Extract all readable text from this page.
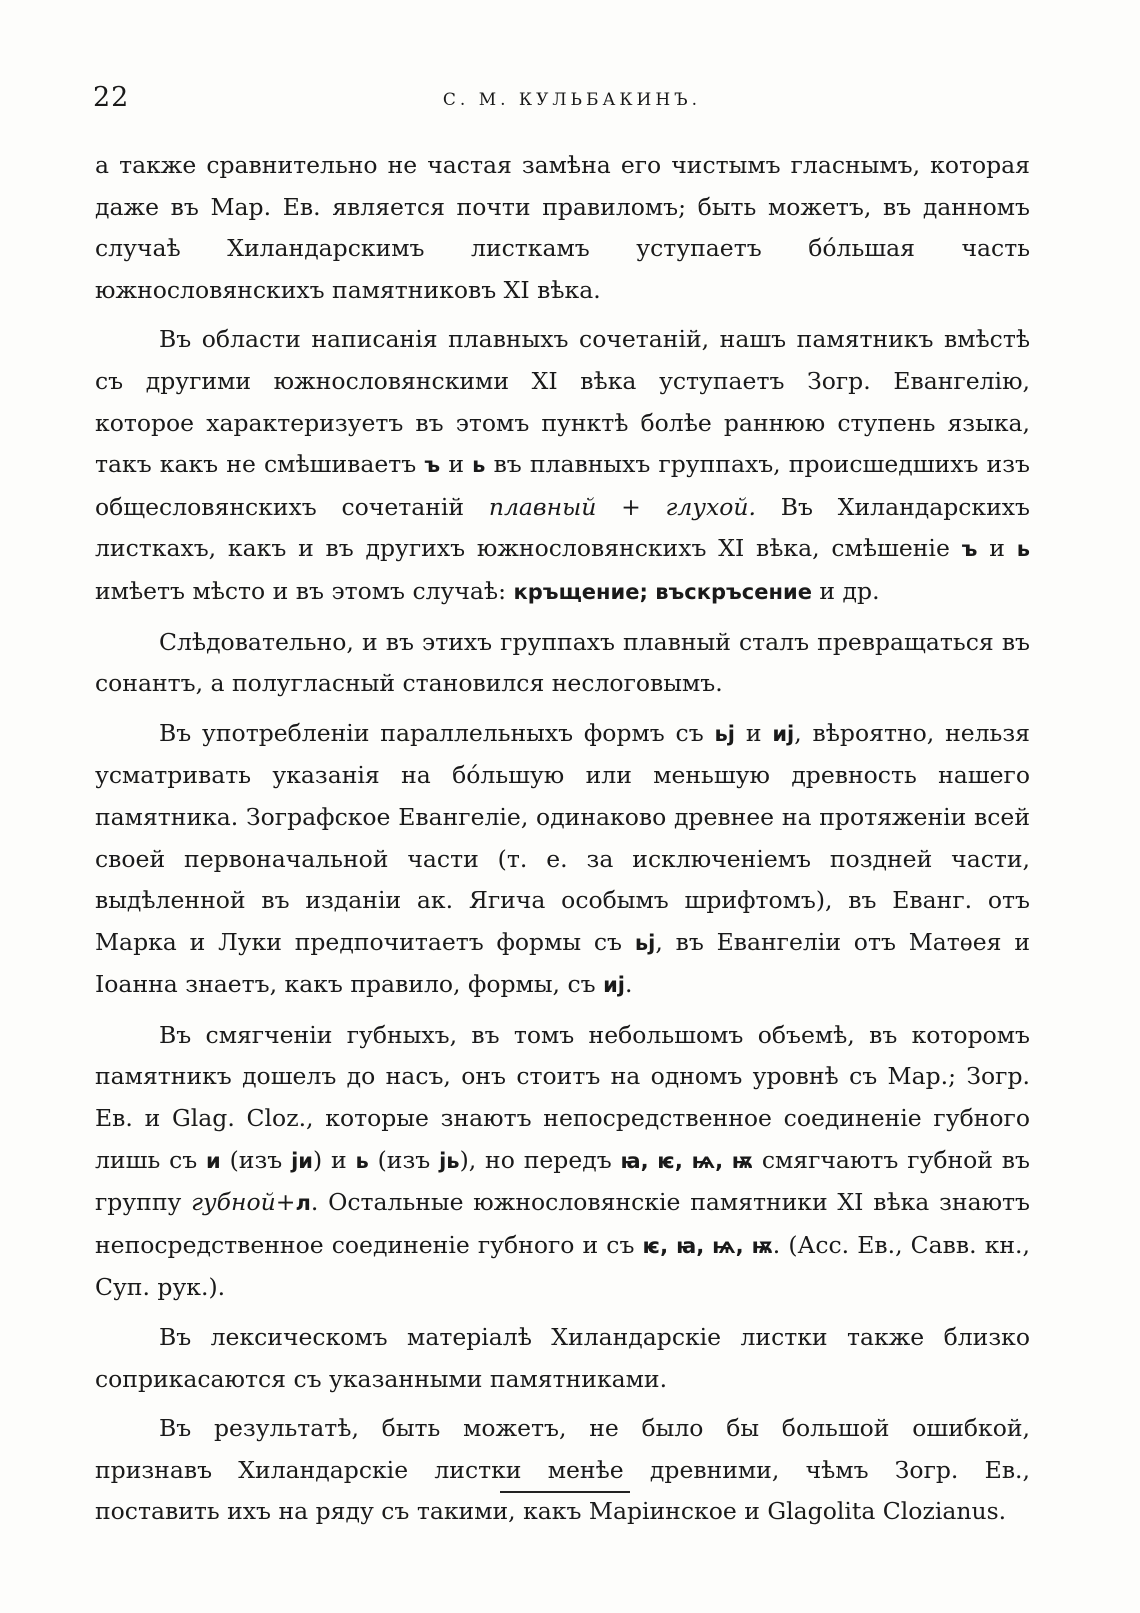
22	С. М. КУЛЬБАКИНЪ.

а также сравнительно не частая замѣна его чистымъ гласнымъ, которая даже въ Мар. Ев. является почти правиломъ; быть можетъ, въ данномъ случаѣ Хиландарскимъ листкамъ уступаетъ бóльшая часть южнословянскихъ памятниковъ XI вѣка.

Въ области написанія плавныхъ сочетаній, нашъ памятникъ вмѣстѣ съ другими южнословянскими XI вѣка уступаетъ Зогр. Евангелію, которое характеризуетъ въ этомъ пунктѣ болѣе раннюю ступень языка, такъ какъ не смѣшиваетъ ъ и ь въ плавныхъ группахъ, происшедшихъ изъ общесловянскихъ сочетаній плавный + глухой. Въ Хиландарскихъ листкахъ, какъ и въ другихъ южнословянскихъ XI вѣка, смѣшеніе ъ и ь имѣетъ мѣсто и въ этомъ случаѣ: кръщение; въскръсение и др.

Слѣдовательно, и въ этихъ группахъ плавный сталъ превращаться въ сонантъ, а полугласный становился неслоговымъ.

Въ употребленіи параллельныхъ формъ съ ьј и иј, вѣроятно, нельзя усматривать указанія на бóльшую или меньшую древность нашего памятника. Зографское Евангеліе, одинаково древнее на протяженіи всей своей первоначальной части (т. е. за исключеніемъ поздней части, выдѣленной въ изданіи ак. Ягича особымъ шрифтомъ), въ Еванг. отъ Марка и Луки предпочитаетъ формы съ ьј, въ Евангеліи отъ Матѳея и Іоанна знаетъ, какъ правило, формы, съ иј.

Въ смягченіи губныхъ, въ томъ небольшомъ объемѣ, въ которомъ памятникъ дошелъ до насъ, онъ стоитъ на одномъ уровнѣ съ Мар.; Зогр. Ев. и Glag. Cloz., которые знаютъ непосредственное соединеніе губного лишь съ и (изъ ји) и ь (изъ јь), но передъ ꙗ, ѥ, ѩ, ѭ смягчаютъ губной въ группу губной+л. Остальные южнословянскіе памятники XI вѣка знаютъ непосредственное соединеніе губного и съ ѥ, ꙗ, ѩ, ѭ. (Асс. Ев., Савв. кн., Суп. рук.).

Въ лексическомъ матеріалѣ Хиландарскіе листки также близко соприкасаются съ указанными памятниками.

Въ результатѣ, быть можетъ, не было бы большой ошибкой, признавъ Хиландарскіе листки менѣе древними, чѣмъ Зогр. Ев., поставить ихъ на ряду съ такими, какъ Маріинское и Glagolita Clozianus.
